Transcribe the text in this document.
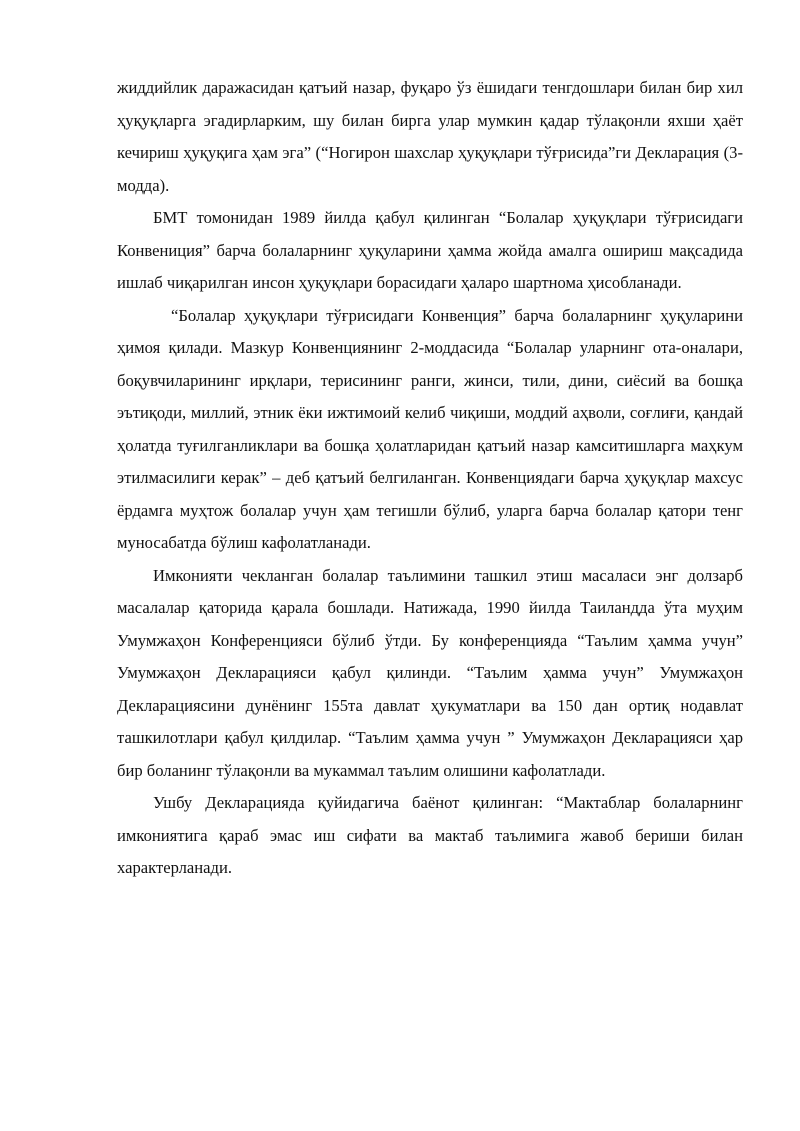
жиддийлик даражасидан қатъий назар, фуқаро ўз ёшидаги тенгдошлари билан бир хил ҳуқуқларга эгадирларким, шу билан бирга улар мумкин қадар тўлақонли яхши ҳаёт кечириш ҳуқуқига ҳам эга” (“Ногирон шахслар ҳуқуқлари тўғрисида”ги Декларация (3-модда).

БМТ томонидан 1989 йилда қабул қилинган “Болалар ҳуқуқлари тўғрисидаги Конвениция” барча болаларнинг ҳуқуларини ҳамма жойда амалга ошириш мақсадида ишлаб чиқарилган инсон ҳуқуқлари борасидаги ҳаларо шартнома ҳисобланади.

“Болалар ҳуқуқлари тўғрисидаги Конвенция” барча болаларнинг ҳуқуларини ҳимоя қилади. Мазкур Конвенциянинг 2-моддасида “Болалар уларнинг ота-оналари, боқувчиларининг ирқлари, терисининг ранги, жинси, тили, дини, сиёсий ва бошқа эътиқоди, миллий, этник ёки ижтимоий келиб чиқиши, моддий аҳволи, соғлиғи, қандай ҳолатда туғилганликлари ва бошқа ҳолатларидан қатъий назар камситишларга маҳкум этилмасилиги керак” – деб қатъий белгиланган. Конвенциядаги барча ҳуқуқлар махсус ёрдамга муҳтож болалар учун ҳам тегишли бўлиб, уларга барча болалар қатори тенг муносабатда бўлиш кафолатланади.

Имконияти чекланган болалар таълимини ташкил этиш масаласи энг долзарб масалалар қаторида қарала бошлади. Натижада, 1990 йилда Таиландда ўта муҳим Умумжаҳон Конференцияси бўлиб ўтди. Бу конференцияда “Таълим ҳамма учун” Умумжаҳон Декларацияси қабул қилинди. “Таълим ҳамма учун” Умумжаҳон Декларациясини дунёнинг 155та давлат ҳукуматлари ва 150 дан ортиқ нодавлат ташкилотлари қабул қилдилар. “Таълим ҳамма учун ” Умумжаҳон Декларацияси ҳар бир боланинг тўлақонли ва мукаммал таълим олишини кафолатлади.

Ушбу Декларацияда қуйидагича баёнот қилинган: “Мактаблар болаларнинг имкониятига қараб эмас иш сифати ва мактаб таълимига жавоб бериши билан характерланади.
